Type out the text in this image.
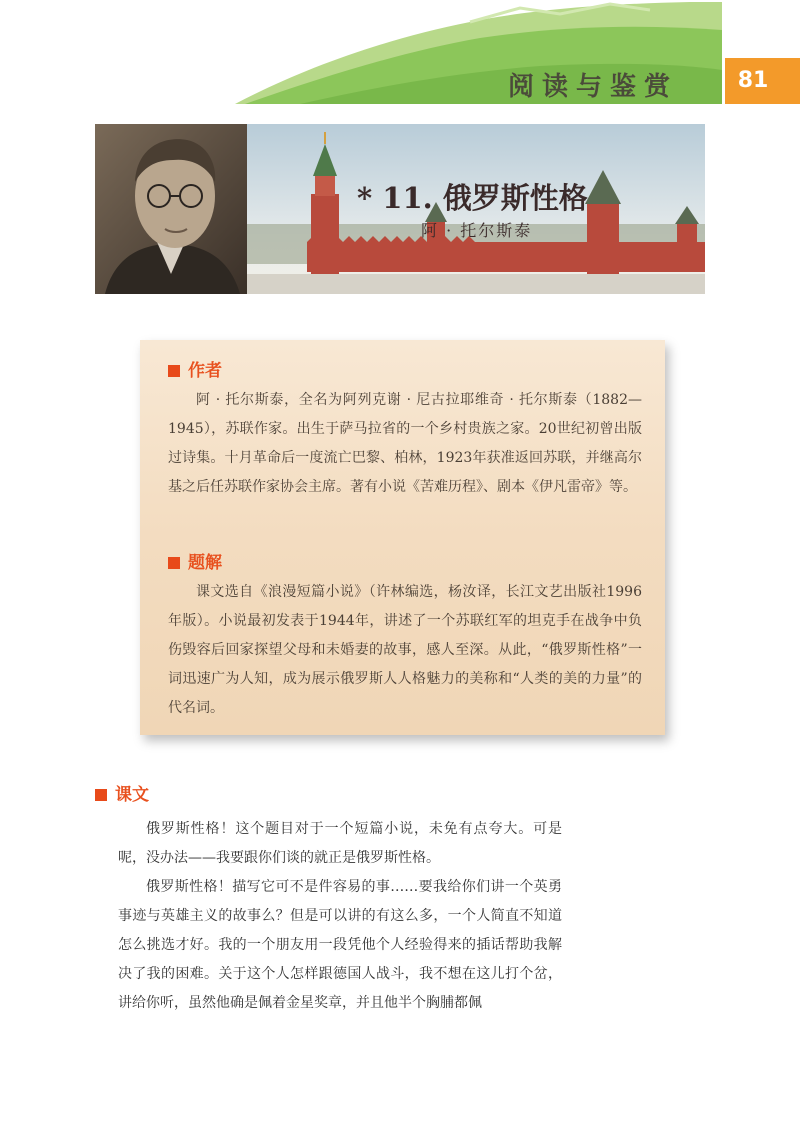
阅读与鉴赏	81
* 11. 俄罗斯性格
阿 · 托尔斯泰
作者

阿 · 托尔斯泰，全名为阿列克谢 · 尼古拉耶维奇 · 托尔斯泰（1882—1945），苏联作家。出生于萨马拉省的一个乡村贵族之家。20世纪初曾出版过诗集。十月革命后一度流亡巴黎、柏林，1923年获准返回苏联，并继高尔基之后任苏联作家协会主席。著有小说《苦难历程》、剧本《伊凡雷帝》等。

题解

课文选自《浪漫短篇小说》（许林编选，杨汝译，长江文艺出版社1996年版）。小说最初发表于1944年，讲述了一个苏联红军的坦克手在战争中负伤毁容后回家探望父母和未婚妻的故事，感人至深。从此，“俄罗斯性格”一词迅速广为人知，成为展示俄罗斯人人格魅力的美称和“人类的美的力量”的代名词。

课文

俄罗斯性格！这个题目对于一个短篇小说，未免有点夸大。可是呢，没办法——我要跟你们谈的就正是俄罗斯性格。

俄罗斯性格！描写它可不是件容易的事……要我给你们讲一个英勇事迹与英雄主义的故事么？但是可以讲的有这么多，一个人简直不知道怎么挑选才好。我的一个朋友用一段凭他个人经验得来的插话帮助我解决了我的困难。关于这个人怎样跟德国人战斗，我不想在这儿打个岔，讲给你听，虽然他确是佩着金星奖章，并且他半个胸脯都佩
